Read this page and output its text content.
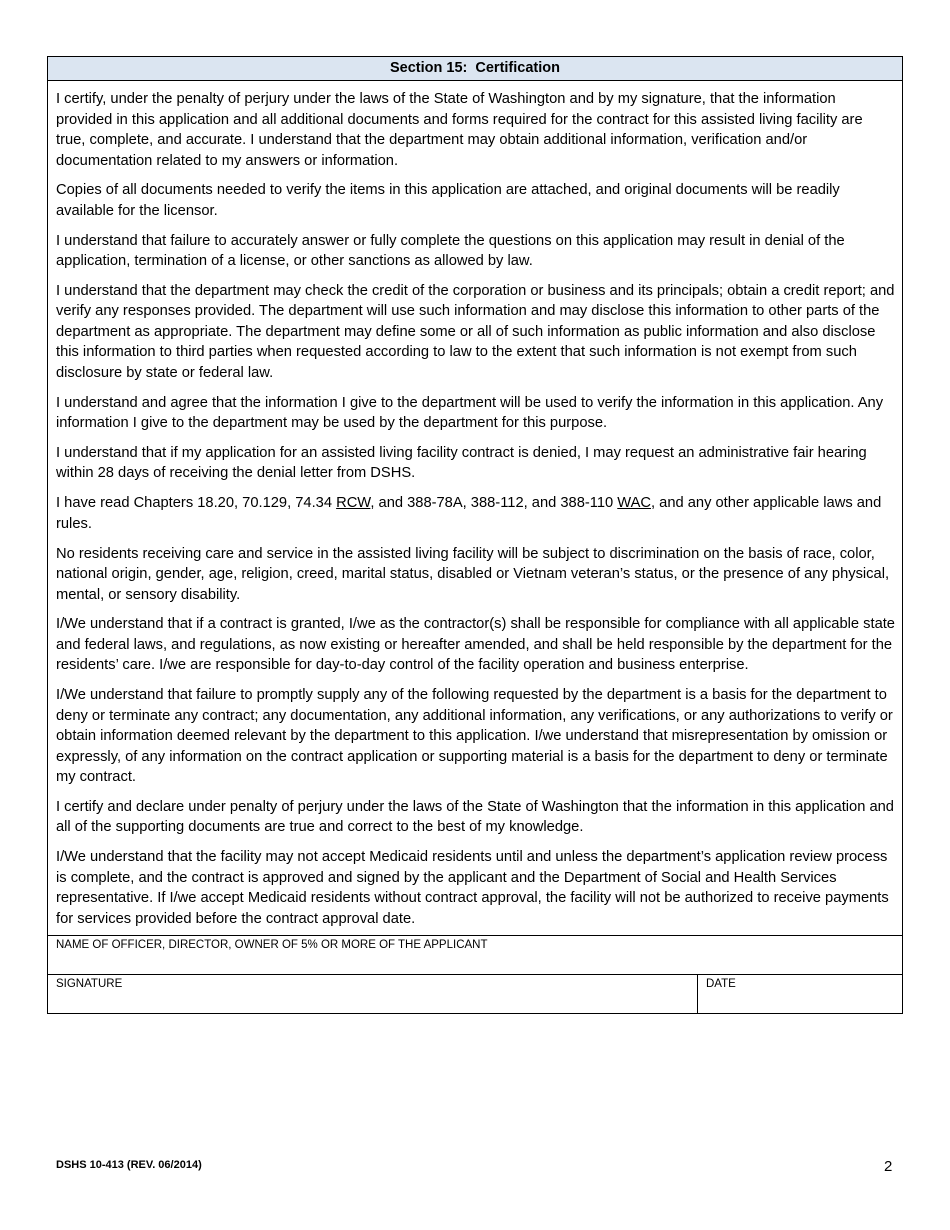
Section 15:  Certification

I certify, under the penalty of perjury under the laws of the State of Washington and by my signature, that the information provided in this application and all additional documents and forms required for the contract for this assisted living facility are true, complete, and accurate. I understand that the department may obtain additional information, verification and/or documentation related to my answers or information.

Copies of all documents needed to verify the items in this application are attached, and original documents will be readily available for the licensor.

I understand that failure to accurately answer or fully complete the questions on this application may result in denial of the application, termination of a license, or other sanctions as allowed by law.

I understand that the department may check the credit of the corporation or business and its principals; obtain a credit report; and verify any responses provided. The department will use such information and may disclose this information to other parts of the department as appropriate. The department may define some or all of such information as public information and also disclose this information to third parties when requested according to law to the extent that such information is not exempt from such disclosure by state or federal law.

I understand and agree that the information I give to the department will be used to verify the information in this application. Any information I give to the department may be used by the department for this purpose.

I understand that if my application for an assisted living facility contract is denied, I may request an administrative fair hearing within 28 days of receiving the denial letter from DSHS.

I have read Chapters 18.20, 70.129, 74.34 RCW, and 388-78A, 388-112, and 388-110 WAC, and any other applicable laws and rules.

No residents receiving care and service in the assisted living facility will be subject to discrimination on the basis of race, color, national origin, gender, age, religion, creed, marital status, disabled or Vietnam veteran’s status, or the presence of any physical, mental, or sensory disability.

I/We understand that if a contract is granted, I/we as the contractor(s) shall be responsible for compliance with all applicable state and federal laws, and regulations, as now existing or hereafter amended, and shall be held responsible by the department for the residents’ care. I/we are responsible for day-to-day control of the facility operation and business enterprise.

I/We understand that failure to promptly supply any of the following requested by the department is a basis for the department to deny or terminate any contract; any documentation, any additional information, any verifications, or any authorizations to verify or obtain information deemed relevant by the department to this application. I/we understand that misrepresentation by omission or expressly, of any information on the contract application or supporting material is a basis for the department to deny or terminate my contract.

I certify and declare under penalty of perjury under the laws of the State of Washington that the information in this application and all of the supporting documents are true and correct to the best of my knowledge.

I/We understand that the facility may not accept Medicaid residents until and unless the department’s application review process is complete, and the contract is approved and signed by the applicant and the Department of Social and Health Services representative. If I/we accept Medicaid residents without contract approval, the facility will not be authorized to receive payments for services provided before the contract approval date.

NAME OF OFFICER, DIRECTOR, OWNER OF 5% OR MORE OF THE APPLICANT
SIGNATURE	DATE
DSHS 10-413 (REV. 06/2014)	2
